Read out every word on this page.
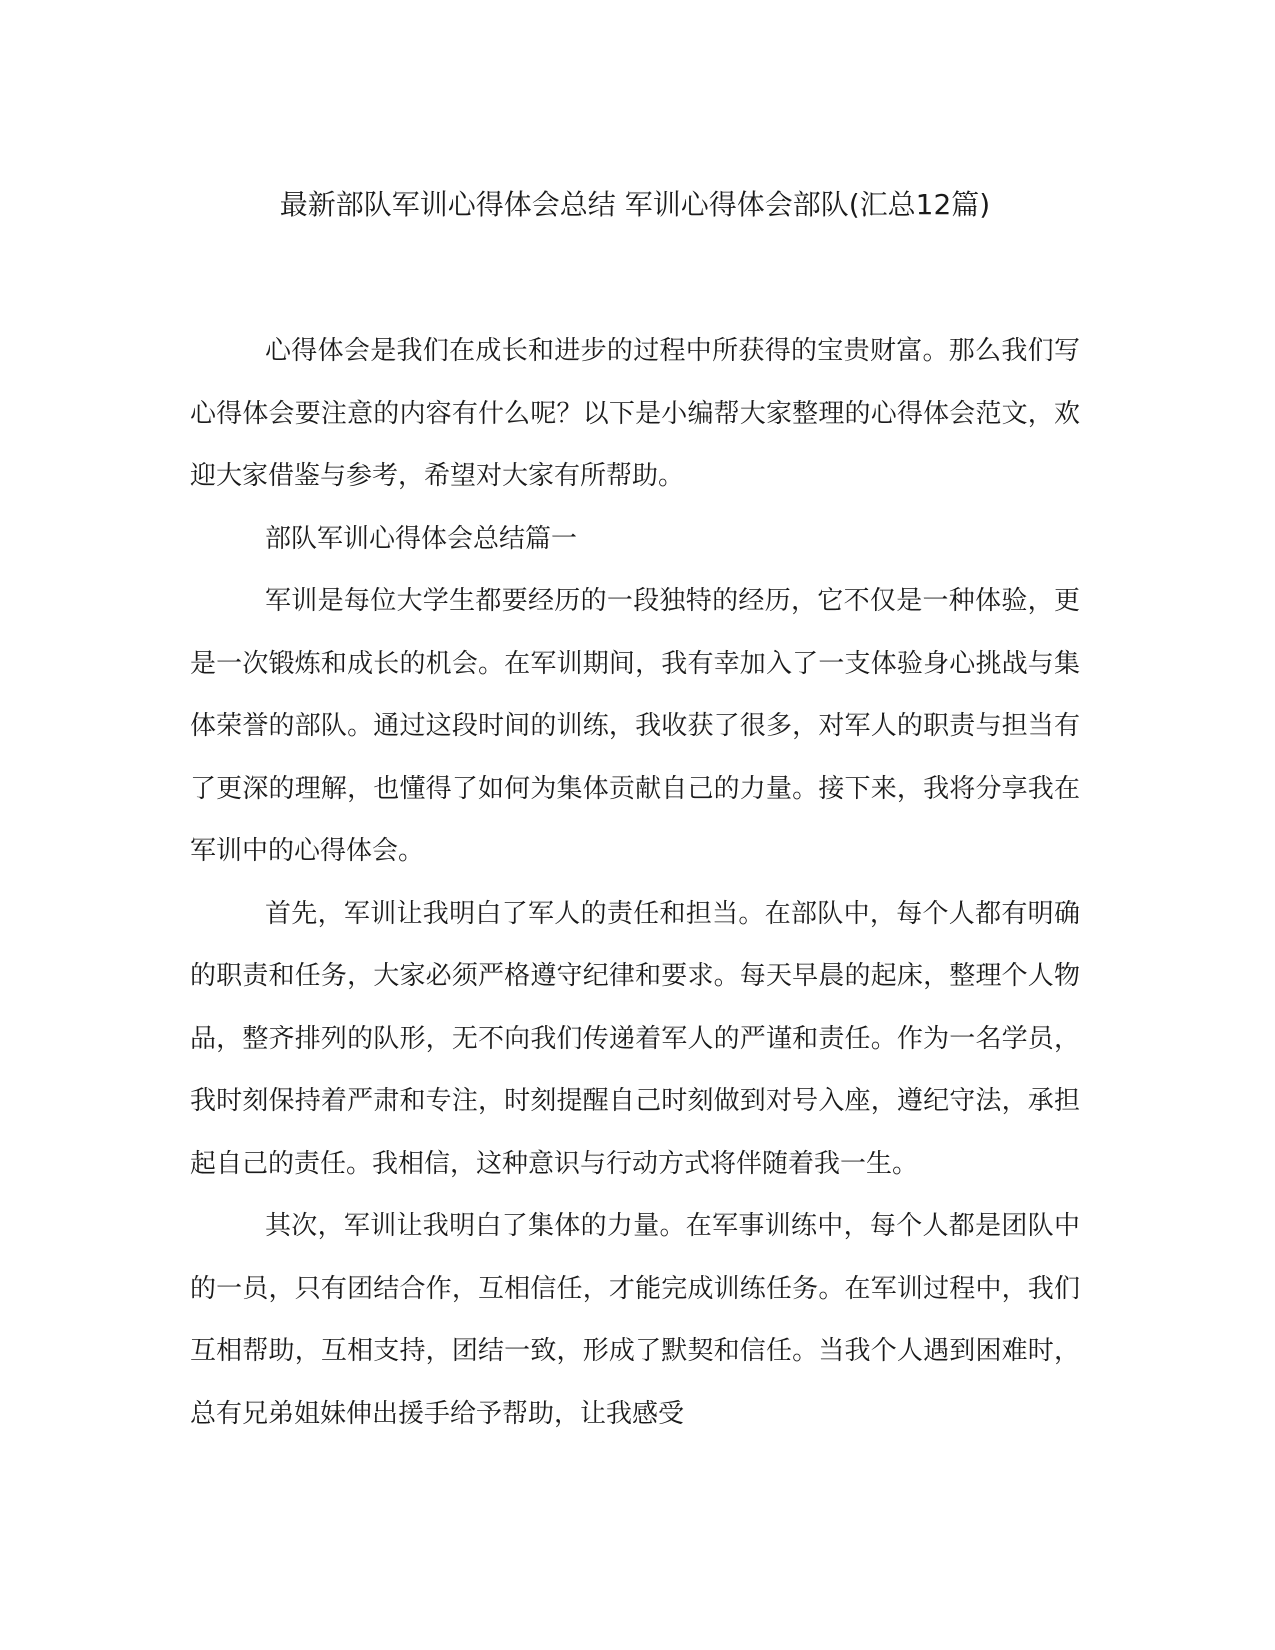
最新部队军训心得体会总结 军训心得体会部队(汇总12篇)

心得体会是我们在成长和进步的过程中所获得的宝贵财富。那么我们写心得体会要注意的内容有什么呢？以下是小编帮大家整理的心得体会范文，欢迎大家借鉴与参考，希望对大家有所帮助。

部队军训心得体会总结篇一

军训是每位大学生都要经历的一段独特的经历，它不仅是一种体验，更是一次锻炼和成长的机会。在军训期间，我有幸加入了一支体验身心挑战与集体荣誉的部队。通过这段时间的训练，我收获了很多，对军人的职责与担当有了更深的理解，也懂得了如何为集体贡献自己的力量。接下来，我将分享我在军训中的心得体会。

首先，军训让我明白了军人的责任和担当。在部队中，每个人都有明确的职责和任务，大家必须严格遵守纪律和要求。每天早晨的起床，整理个人物品，整齐排列的队形，无不向我们传递着军人的严谨和责任。作为一名学员，我时刻保持着严肃和专注，时刻提醒自己时刻做到对号入座，遵纪守法，承担起自己的责任。我相信，这种意识与行动方式将伴随着我一生。

其次，军训让我明白了集体的力量。在军事训练中，每个人都是团队中的一员，只有团结合作，互相信任，才能完成训练任务。在军训过程中，我们互相帮助，互相支持，团结一致，形成了默契和信任。当我个人遇到困难时，总有兄弟姐妹伸出援手给予帮助，让我感受
